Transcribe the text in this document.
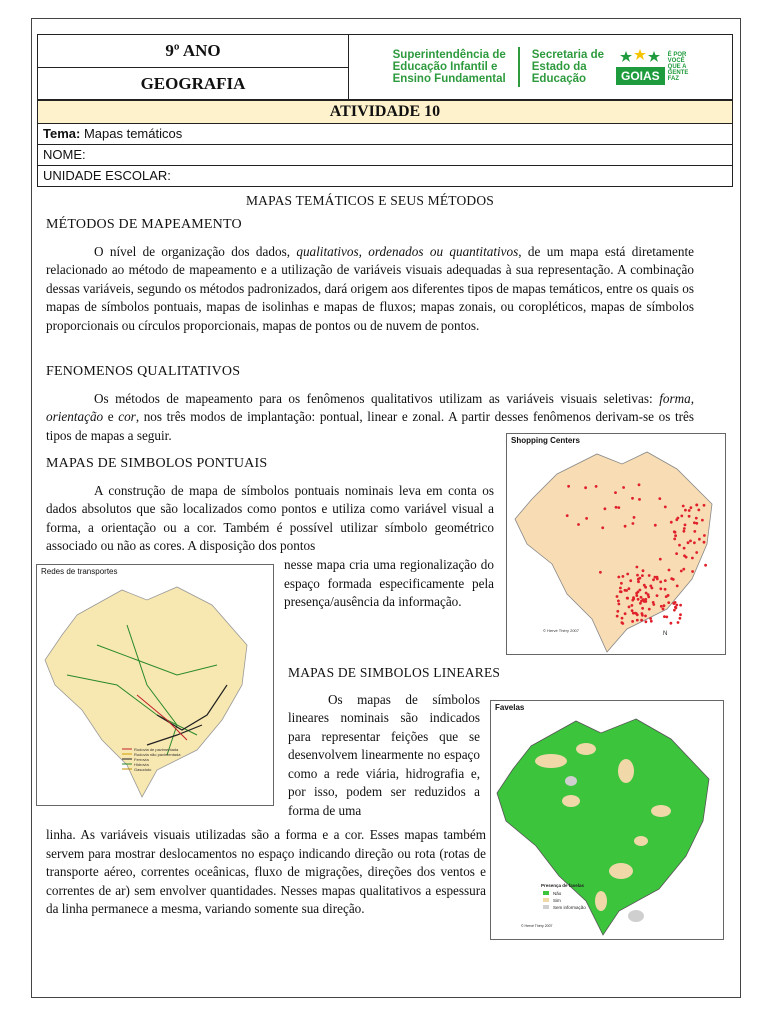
9º ANO
GEOGRAFIA
Superintendência de
Educação Infantil e
Ensino Fundamental
Secretaria de
Estado da
Educação	GOIAS
É POR
VOCÊ
QUE A
GENTE
FAZ
ATIVIDADE 10
Tema: Mapas temáticos
NOME:
UNIDADE ESCOLAR:
MAPAS TEMÁTICOS E SEUS MÉTODOS
MÉTODOS DE MAPEAMENTO

O nível de organização dos dados, qualitativos, ordenados ou quantitativos, de um mapa está diretamente relacionado ao método de mapeamento e a utilização de variáveis visuais adequadas à sua representação. A combinação dessas variáveis, segundo os métodos padronizados, dará origem aos diferentes tipos de mapas temáticos, entre os quais os mapas de símbolos pontuais, mapas de isolinhas e mapas de fluxos; mapas zonais, ou coropléticos, mapas de símbolos proporcionais ou círculos proporcionais, mapas de pontos ou de nuvem de pontos.

FENOMENOS QUALITATIVOS

Os métodos de mapeamento para os fenômenos qualitativos utilizam as variáveis visuais seletivas: forma, orientação e cor, nos três modos de implantação: pontual, linear e zonal. A partir desses fenômenos derivam-se os três tipos de mapas a seguir.

MAPAS DE SIMBOLOS PONTUAIS

A construção de mapa de símbolos pontuais nominais leva em conta os dados absolutos que são localizados como pontos e utiliza como variável visual a forma, a orientação ou a cor. Também é possível utilizar símbolo geométrico associado ou não as cores. A disposição dos pontos

nesse mapa cria uma regionalização do espaço formada especificamente pela presença/ausência da informação.

Shopping Centers
© Hervé Théry 2007
N
Redes de transportes
Rodovia de pavimentada
Rodovia não pavimentada
Ferrovia
Hidrovia
Gasoduto
MAPAS DE SIMBOLOS LINEARES

Os mapas de símbolos lineares nominais são indicados para representar feições que se desenvolvem linearmente no espaço como a rede viária, hidrografia e, por isso, podem ser reduzidos a forma de uma

linha. As variáveis visuais utilizadas são a forma e a cor. Esses mapas também servem para mostrar deslocamentos no espaço indicando direção ou rota (rotas de transporte aéreo, correntes oceânicas, fluxo de migrações, direções dos ventos e correntes de ar) sem envolver quantidades. Nesses mapas qualitativos a espessura da linha permanece a mesma, variando somente sua direção.

Favelas
Presença de favelas
Não
Sim
Sem informação
© Hervé Théry 2007
